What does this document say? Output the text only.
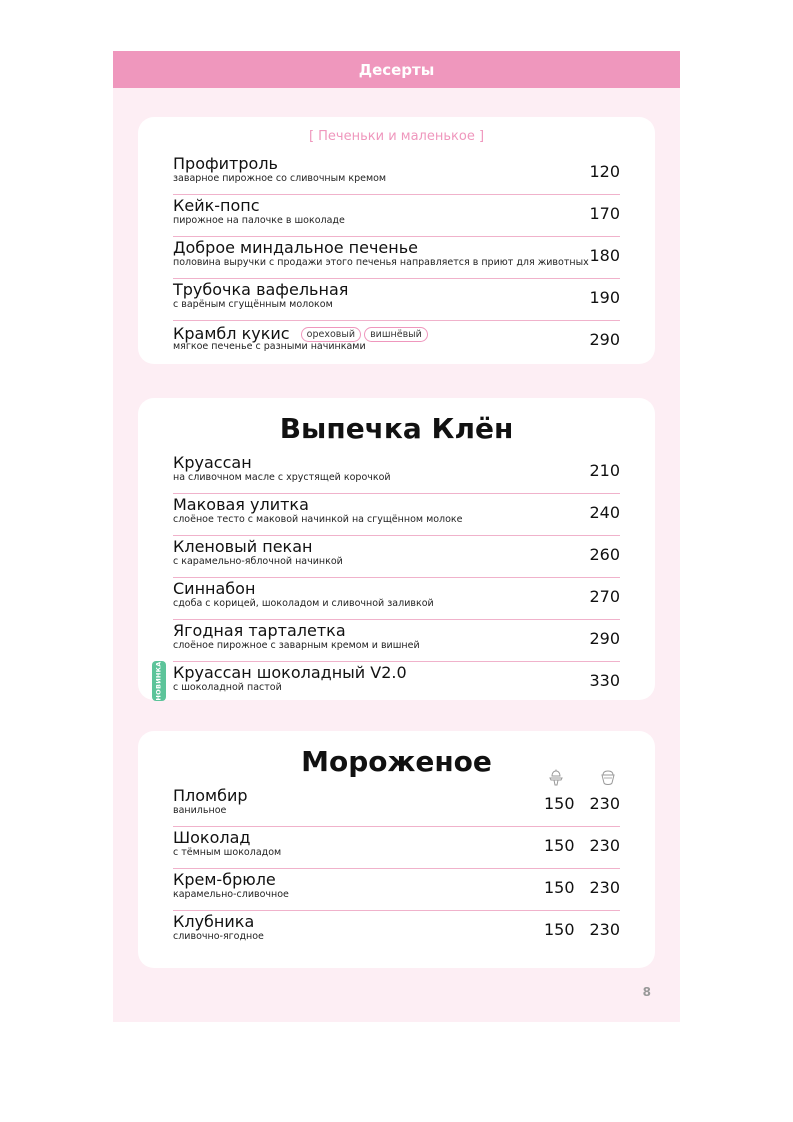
Десерты
[ Печеньки и маленькое ]
Профитроль
заварное пирожное со сливочным кремом	120
Кейк-попс
пирожное на палочке в шоколаде	170
Доброе миндальное печенье
половина выручки с продажи этого печенья направляется в приют для животных 180
Трубочка вафельная
с варёным сгущённым молоком	190
Крамбл кукис ореховый вишнёвый
мягкое печенье с разными начинками	290
Выпечка Клён
Круассан
на сливочном масле с хрустящей корочкой	210
Маковая улитка
слоёное тесто с маковой начинкой на сгущённом молоке	240
Кленовый пекан
с карамельно-яблочной начинкой	260
Синнабон
сдоба с корицей, шоколадом и сливочной заливкой	270
Ягодная тарталетка
слоёное пирожное с заварным кремом и вишней	290
НОВИНКА Круассан шоколадный V2.0
с шоколадной пастой	330
Мороженое
Пломбир
ванильное	150 230
Шоколад
с тёмным шоколадом	150 230
Крем-брюле
карамельно-сливочное	150 230
Клубника
сливочно-ягодное	150 230
8
